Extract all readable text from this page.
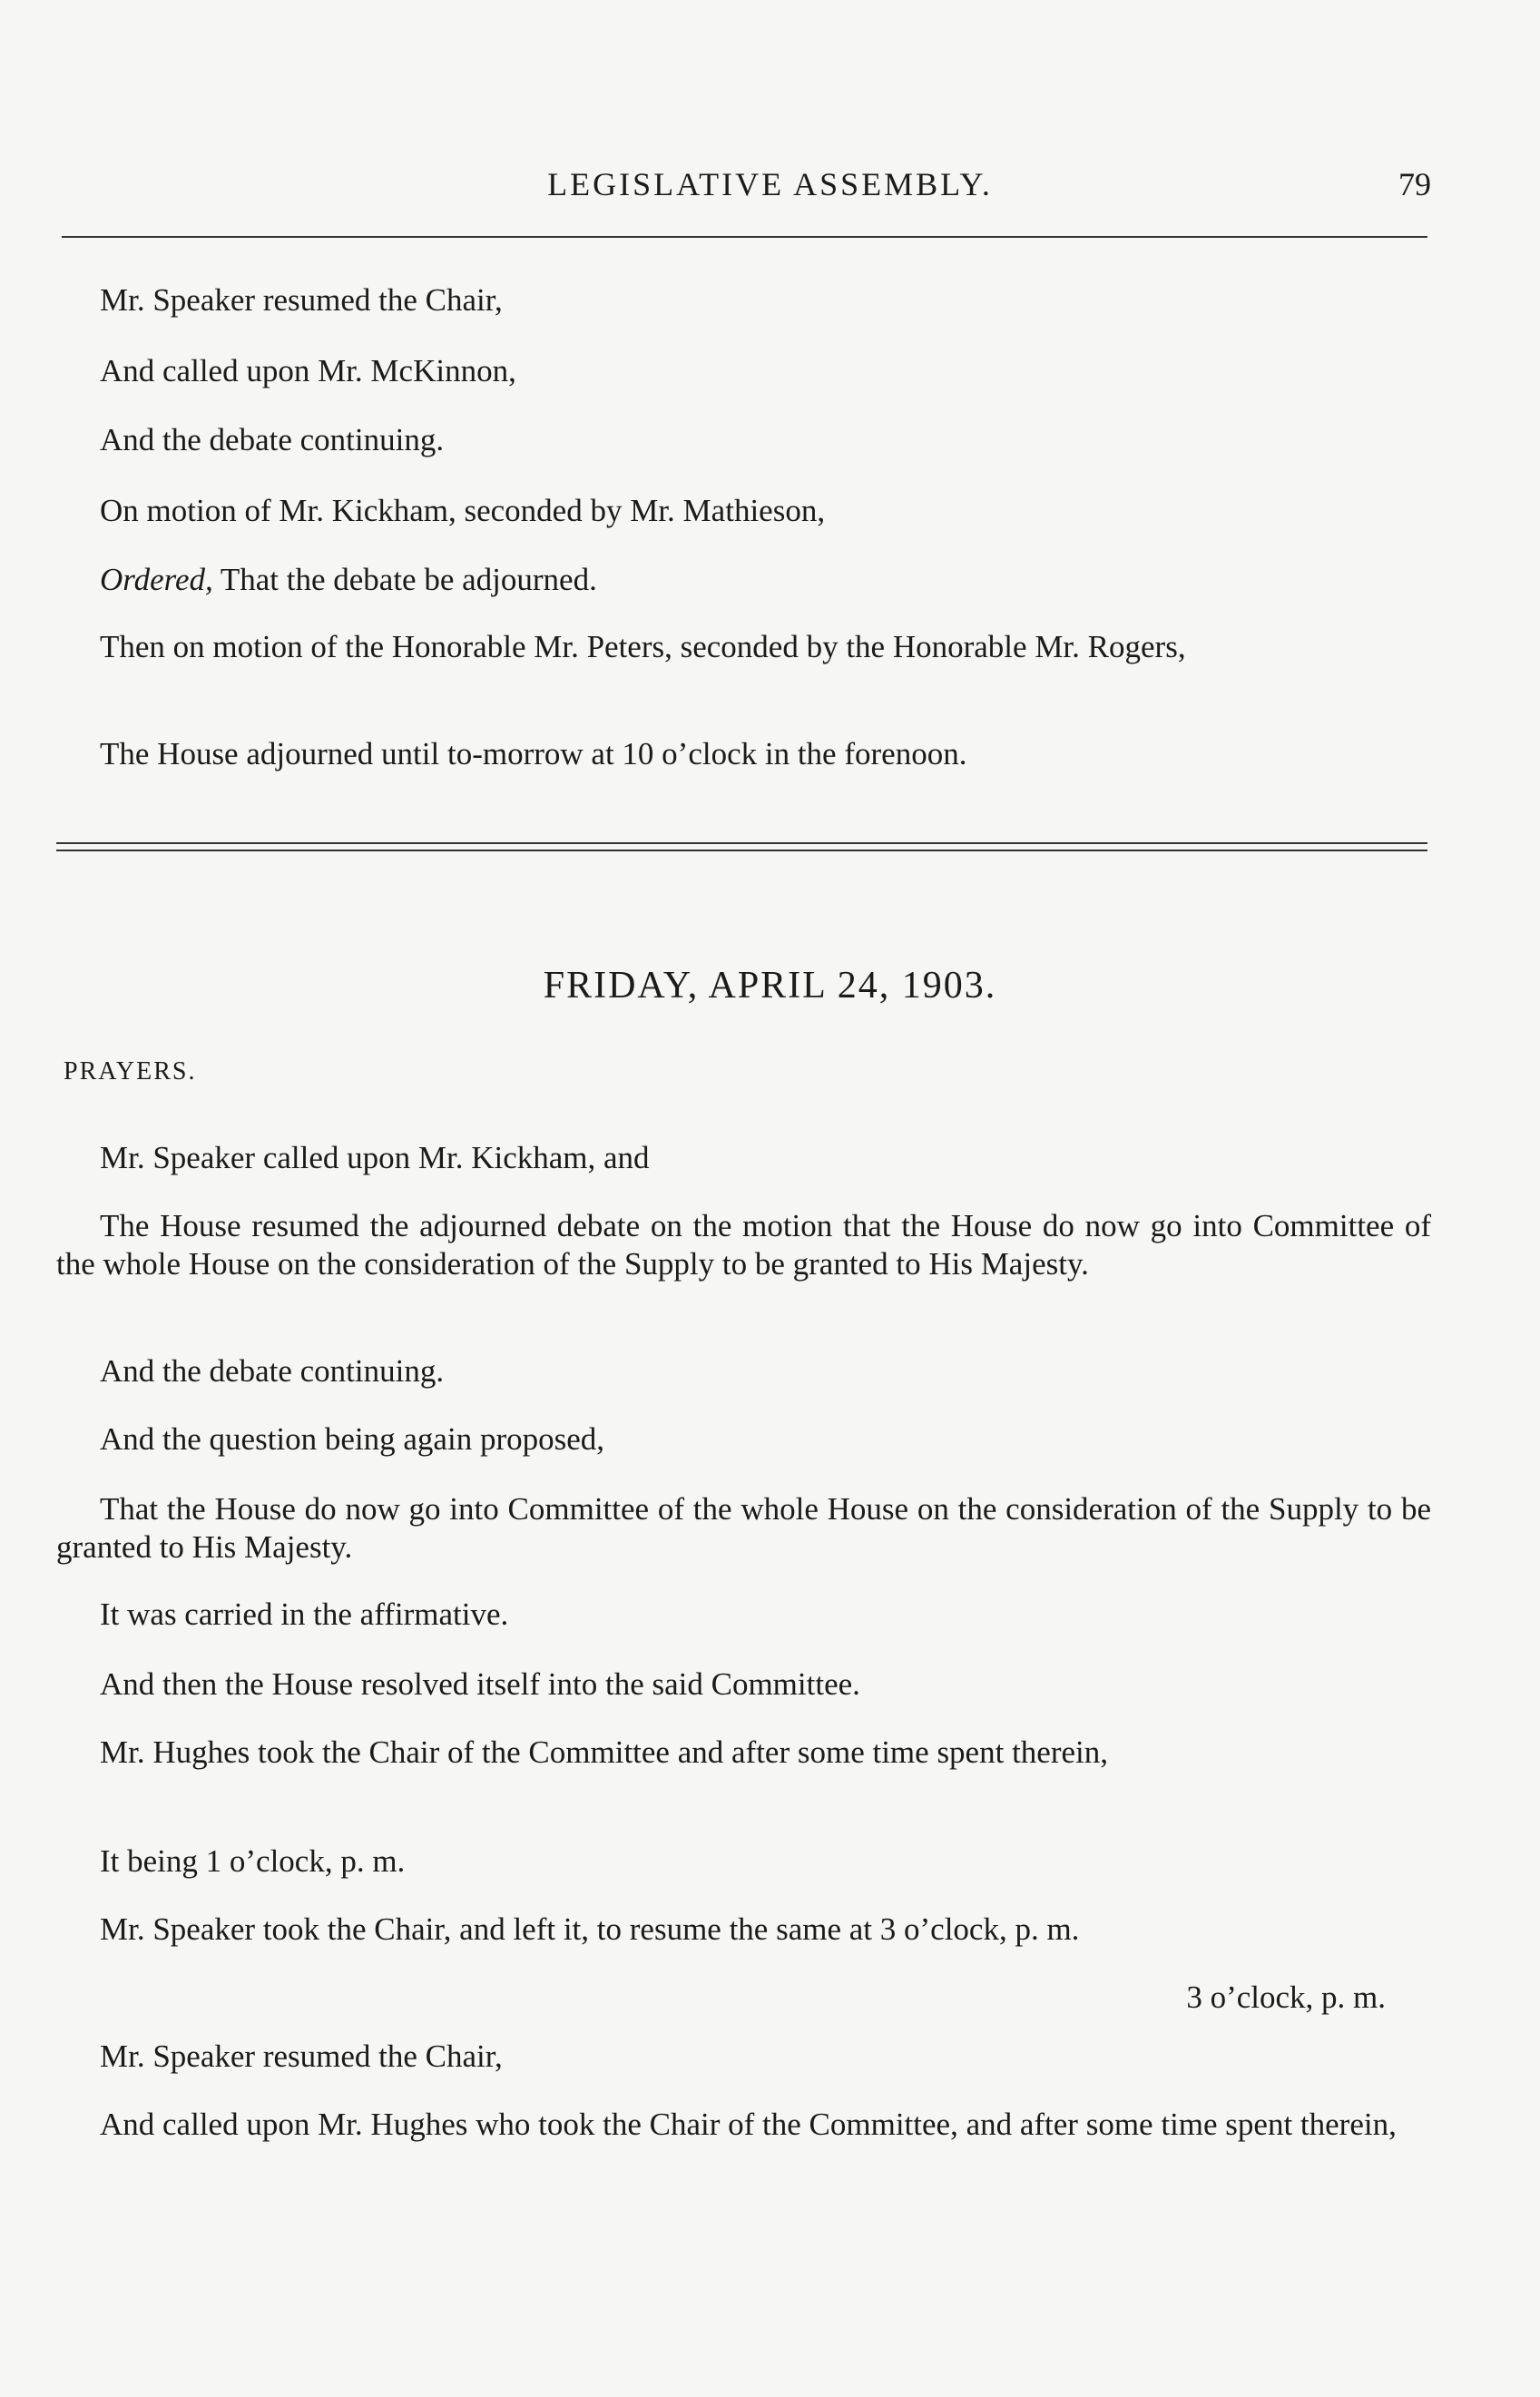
LEGISLATIVE ASSEMBLY.	79
Mr. Speaker resumed the Chair,
And called upon Mr. McKinnon,
And the debate continuing.
On motion of Mr. Kickham, seconded by Mr. Mathieson,
Ordered, That the debate be adjourned.
Then on motion of the Honorable Mr. Peters, seconded by the Honorable Mr. Rogers,
The House adjourned until to-morrow at 10 o’clock in the forenoon.
FRIDAY, APRIL 24, 1903.
PRAYERS.
Mr. Speaker called upon Mr. Kickham, and
The House resumed the adjourned debate on the motion that the House do now go into Committee of the whole House on the consideration of the Supply to be granted to His Majesty.
And the debate continuing.
And the question being again proposed,
That the House do now go into Committee of the whole House on the consideration of the Supply to be granted to His Majesty.
It was carried in the affirmative.
And then the House resolved itself into the said Committee.
Mr. Hughes took the Chair of the Committee and after some time spent therein,
It being 1 o’clock, p. m.
Mr. Speaker took the Chair, and left it, to resume the same at 3 o’clock, p. m.
3 o’clock, p. m.
Mr. Speaker resumed the Chair,
And called upon Mr. Hughes who took the Chair of the Committee, and after some time spent therein,
